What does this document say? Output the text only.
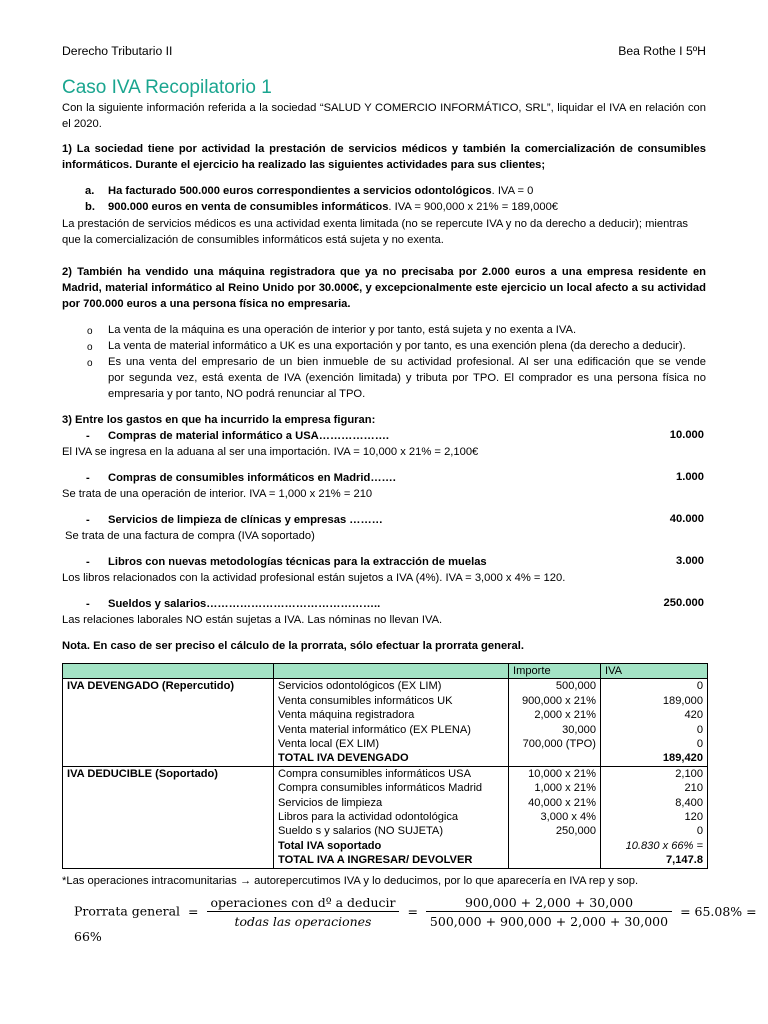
Derecho Tributario II	Bea Rothe I 5ºH
Caso IVA Recopilatorio 1
Con la siguiente información referida a la sociedad “SALUD Y COMERCIO INFORMÁTICO, SRL”, liquidar el IVA en relación con
el 2020.
1) La sociedad tiene por actividad la prestación de servicios médicos y también la comercialización de consumibles
informáticos. Durante el ejercicio ha realizado las siguientes actividades para sus clientes;
a. Ha facturado 500.000 euros correspondientes a servicios odontológicos. IVA = 0
b. 900.000 euros en venta de consumibles informáticos. IVA = 900,000 x 21% = 189,000€
La prestación de servicios médicos es una actividad exenta limitada (no se repercute IVA y no da derecho a deducir); mientras
que la comercialización de consumibles informáticos está sujeta y no exenta.
2) También ha vendido una máquina registradora que ya no precisaba por 2.000 euros a una empresa residente en
Madrid, material informático al Reino Unido por 30.000€, y excepcionalmente este ejercicio un local afecto a su actividad
por 700.000 euros a una persona física no empresaria.
o La venta de la máquina es una operación de interior y por tanto, está sujeta y no exenta a IVA.
o La venta de material informático a UK es una exportación y por tanto, es una exención plena (da derecho a deducir).
o Es una venta del empresario de un bien inmueble de su actividad profesional. Al ser una edificación que se vende
por segunda vez, está exenta de IVA (exención limitada) y tributa por TPO. El comprador es una persona física no
empresaria y por tanto, NO podrá renunciar al TPO.
3) Entre los gastos en que ha incurrido la empresa figuran:
- Compras de material informático a USA……………….	10.000
El IVA se ingresa en la aduana al ser una importación. IVA = 10,000 x 21% = 2,100€
- Compras de consumibles informáticos en Madrid…….	1.000
Se trata de una operación de interior. IVA = 1,000 x 21% = 210
- Servicios de limpieza de clínicas y empresas ………	40.000
Se trata de una factura de compra (IVA soportado)
- Libros con nuevas metodologías técnicas para la extracción de muelas	3.000
Los libros relacionados con la actividad profesional están sujetos a IVA (4%). IVA = 3,000 x 4% = 120.
- Sueldos y salarios………………………………………..	250.000
Las relaciones laborales NO están sujetas a IVA. Las nóminas no llevan IVA.
Nota. En caso de ser preciso el cálculo de la prorrata, sólo efectuar la prorrata general.
		Importe	IVA
IVA DEVENGADO (Repercutido)	Servicios odontológicos (EX LIM)	500,000	0
	Venta consumibles informáticos UK	900,000 x 21%	189,000
	Venta máquina registradora	2,000 x 21%	420
	Venta material informático (EX PLENA)	30,000	0
	Venta local (EX LIM)	700,000 (TPO)	0
	TOTAL IVA DEVENGADO		189,420
IVA DEDUCIBLE (Soportado)	Compra consumibles informáticos USA	10,000 x 21%	2,100
	Compra consumibles informáticos Madrid	1,000 x 21%	210
	Servicios de limpieza	40,000 x 21%	8,400
	Libros para la actividad odontológica	3,000 x 4%	120
	Sueldo s y salarios (NO SUJETA)	250,000	0
	Total IVA soportado		10.830 x 66% =
	TOTAL IVA A INGRESAR/ DEVOLVER		7,147.8
*Las operaciones intracomunitarias → autorepercutimos IVA y lo deducimos, por lo que aparecería en IVA rep y sop.
Prorrata general = $\frac{\text{operaciones con dº a deducir}}{\text{todas las operaciones}} = \frac{900,000 + 2,000 + 30,000}{500,000 + 900,000 + 2,000 + 30,000} = 65.08\% = 66\%$
